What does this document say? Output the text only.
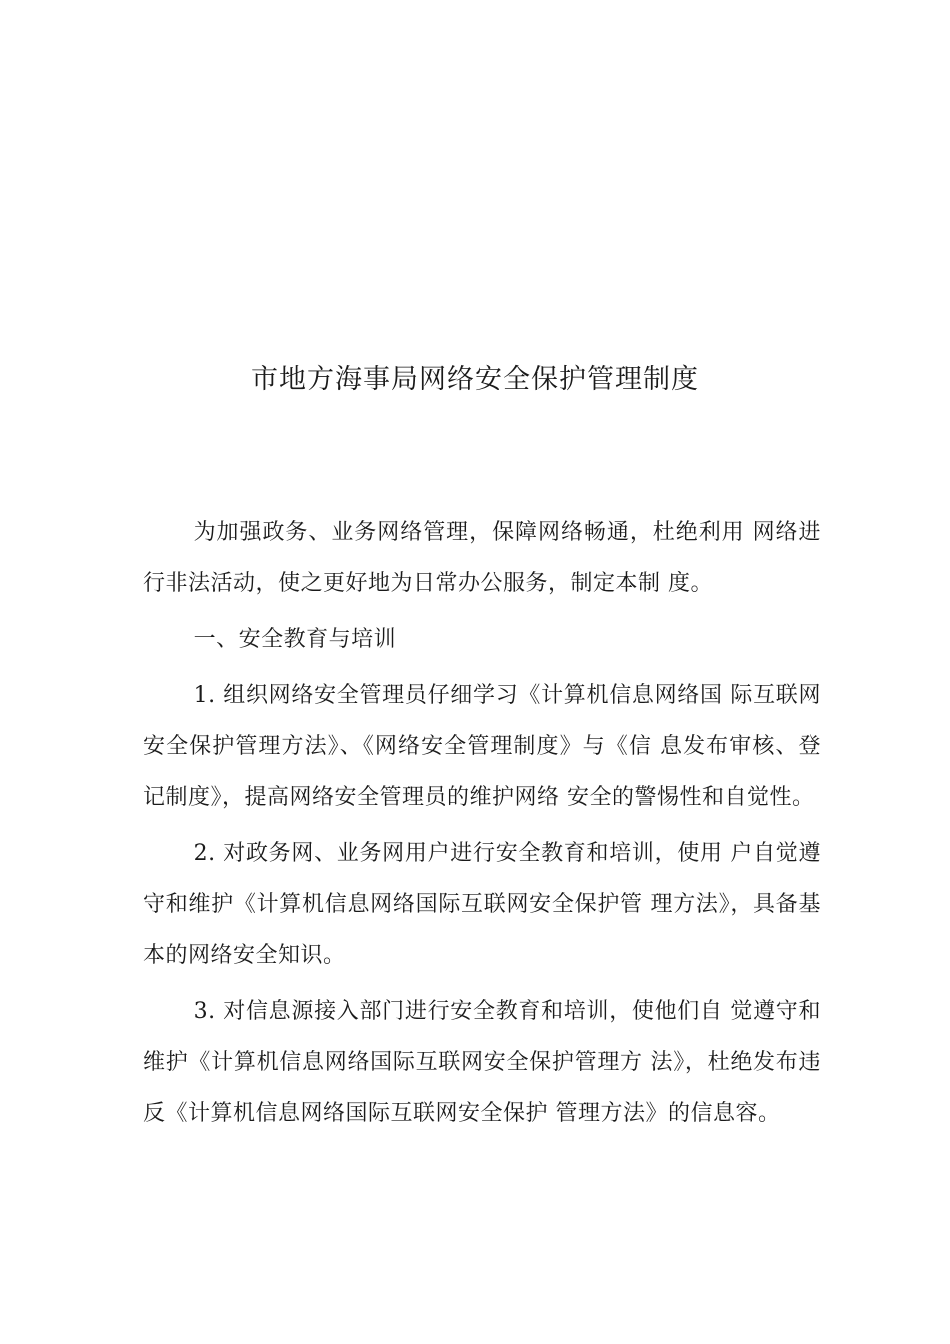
市地方海事局网络安全保护管理制度

为加强政务、业务网络管理，保障网络畅通，杜绝利用 网络进行非法活动，使之更好地为日常办公服务，制定本制 度。

一、安全教育与培训

1. 组织网络安全管理员仔细学习《计算机信息网络国 际互联网安全保护管理方法》、《网络安全管理制度》与《信 息发布审核、登记制度》，提高网络安全管理员的维护网络 安全的警惕性和自觉性。

2. 对政务网、业务网用户进行安全教育和培训，使用 户自觉遵守和维护《计算机信息网络国际互联网安全保护管 理方法》，具备基本的网络安全知识。

3. 对信息源接入部门进行安全教育和培训，使他们自 觉遵守和维护《计算机信息网络国际互联网安全保护管理方 法》，杜绝发布违反《计算机信息网络国际互联网安全保护 管理方法》的信息容。
